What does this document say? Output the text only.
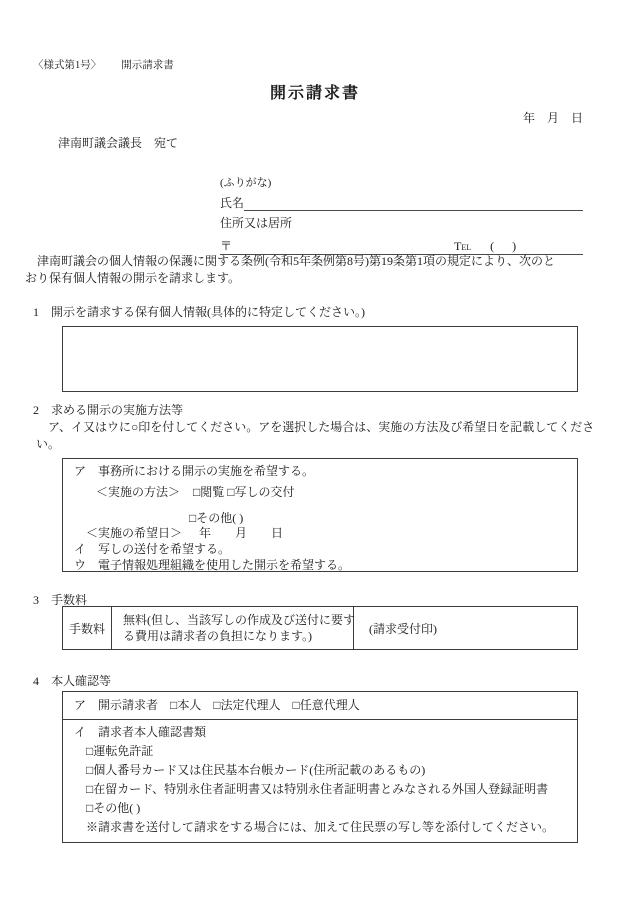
〈様式第1号〉 開示請求書
開示請求書
年　月　日
津南町議会議長　宛て
(ふりがな)
氏名
住所又は居所
〒	Tel (　)
　津南町議会の個人情報の保護に関する条例(令和5年条例第8号)第19条第1項の規定により、次のと
おり保有個人情報の開示を請求します。
1　開示を請求する保有個人情報(具体的に特定してください。)
2　求める開示の実施方法等
　ア、イ又はウに○印を付してください。アを選択した場合は、実施の方法及び希望日を記載してくださ
い。
ア　事務所における開示の実施を希望する。
＜実施の方法＞ □閲覧 □写しの交付
□その他( )
＜実施の希望日＞ 年　　月　　日
イ　写しの送付を希望する。
ウ　電子情報処理組織を使用した開示を希望する。
3　手数料
手数料
無料(但し、当該写しの作成及び送付に要す
る費用は請求者の負担になります。)
(請求受付印)
4　本人確認等
ア　開示請求者　□本人　□法定代理人　□任意代理人
イ　請求者本人確認書類
□運転免許証
□個人番号カード又は住民基本台帳カード(住所記載のあるもの)
□在留カード、特別永住者証明書又は特別永住者証明書とみなされる外国人登録証明書
□その他( )
※請求書を送付して請求をする場合には、加えて住民票の写し等を添付してください。
